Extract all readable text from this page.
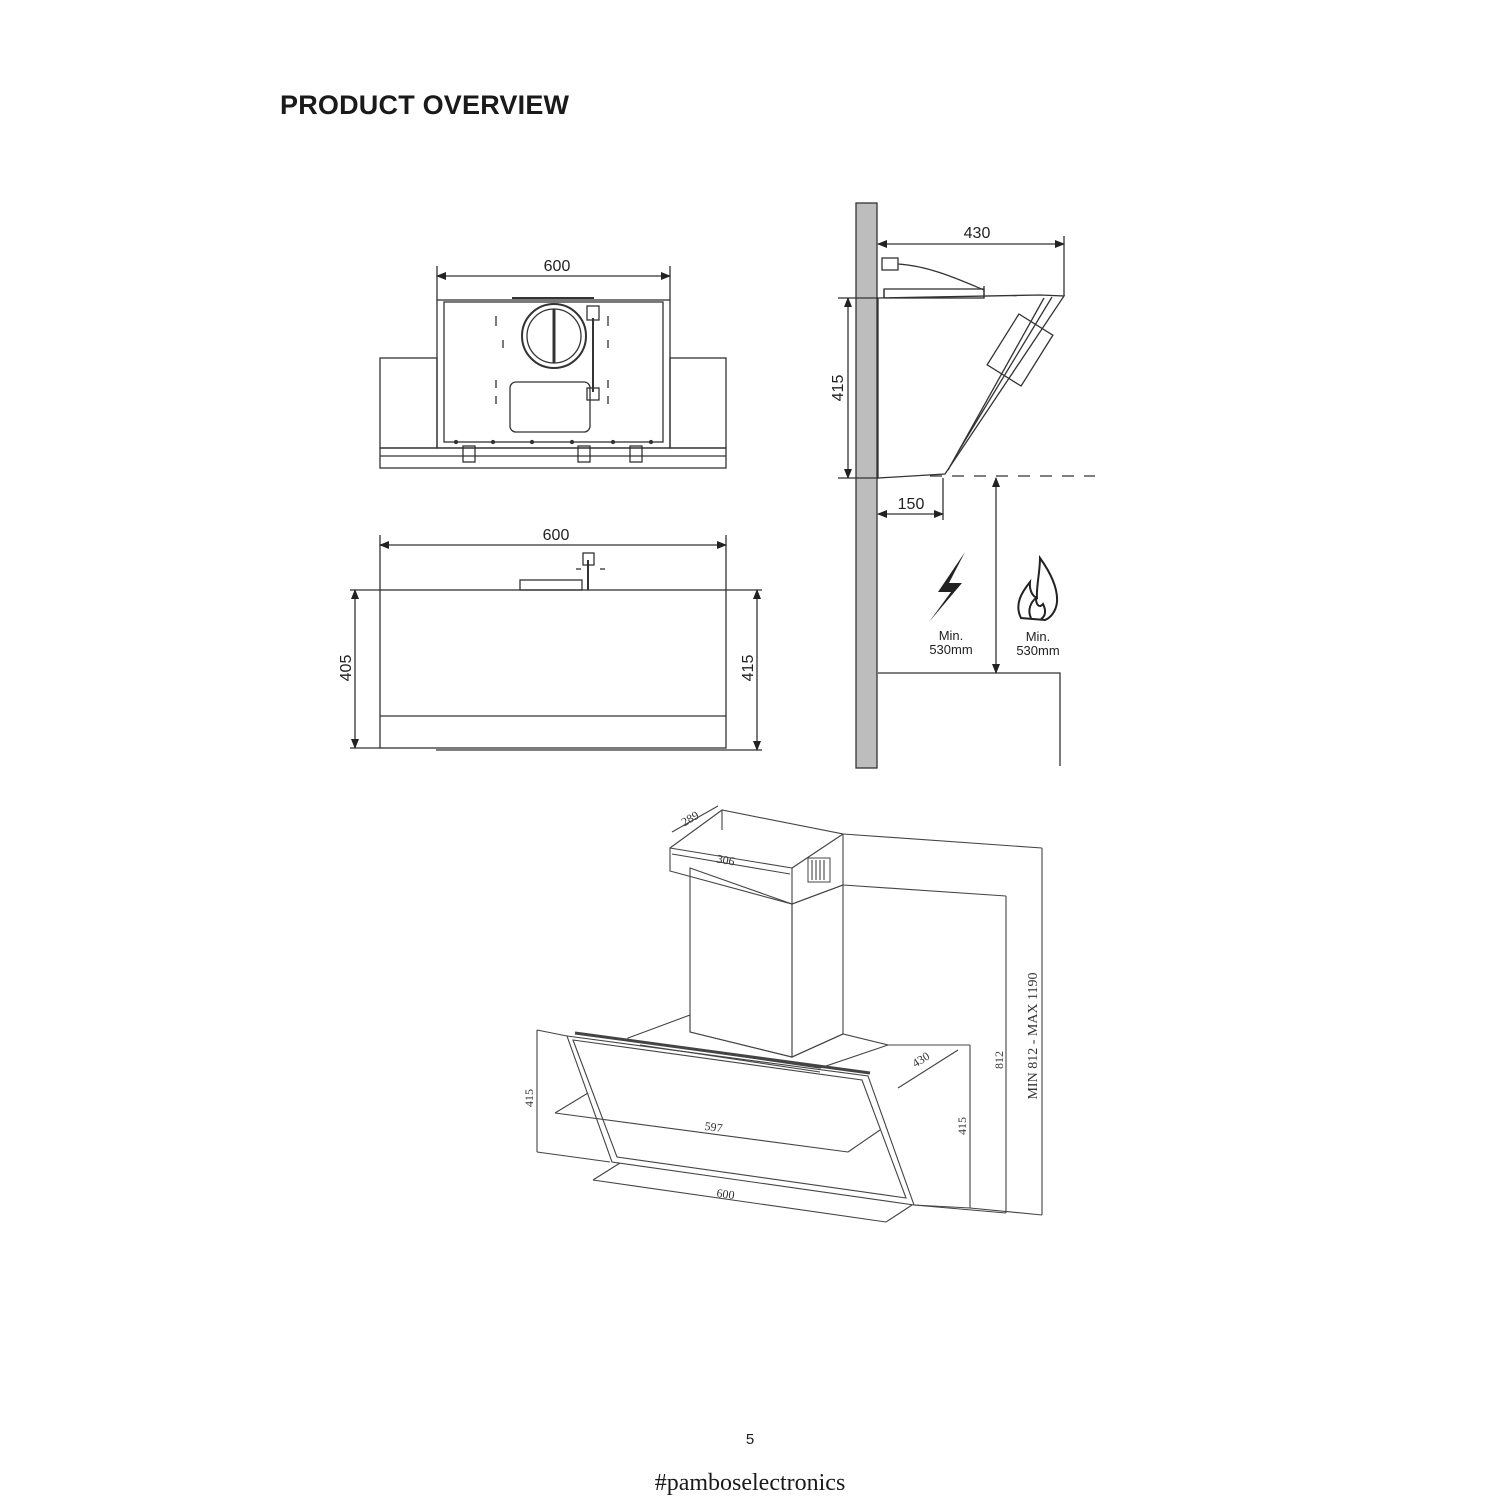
PRODUCT OVERVIEW
600
600
405	415
430
415
150
Min.
530mm
Min.
530mm
289
306
430
597
600
415
415
812 MIN 812 - MAX 1190
5
#pamboselectronics
